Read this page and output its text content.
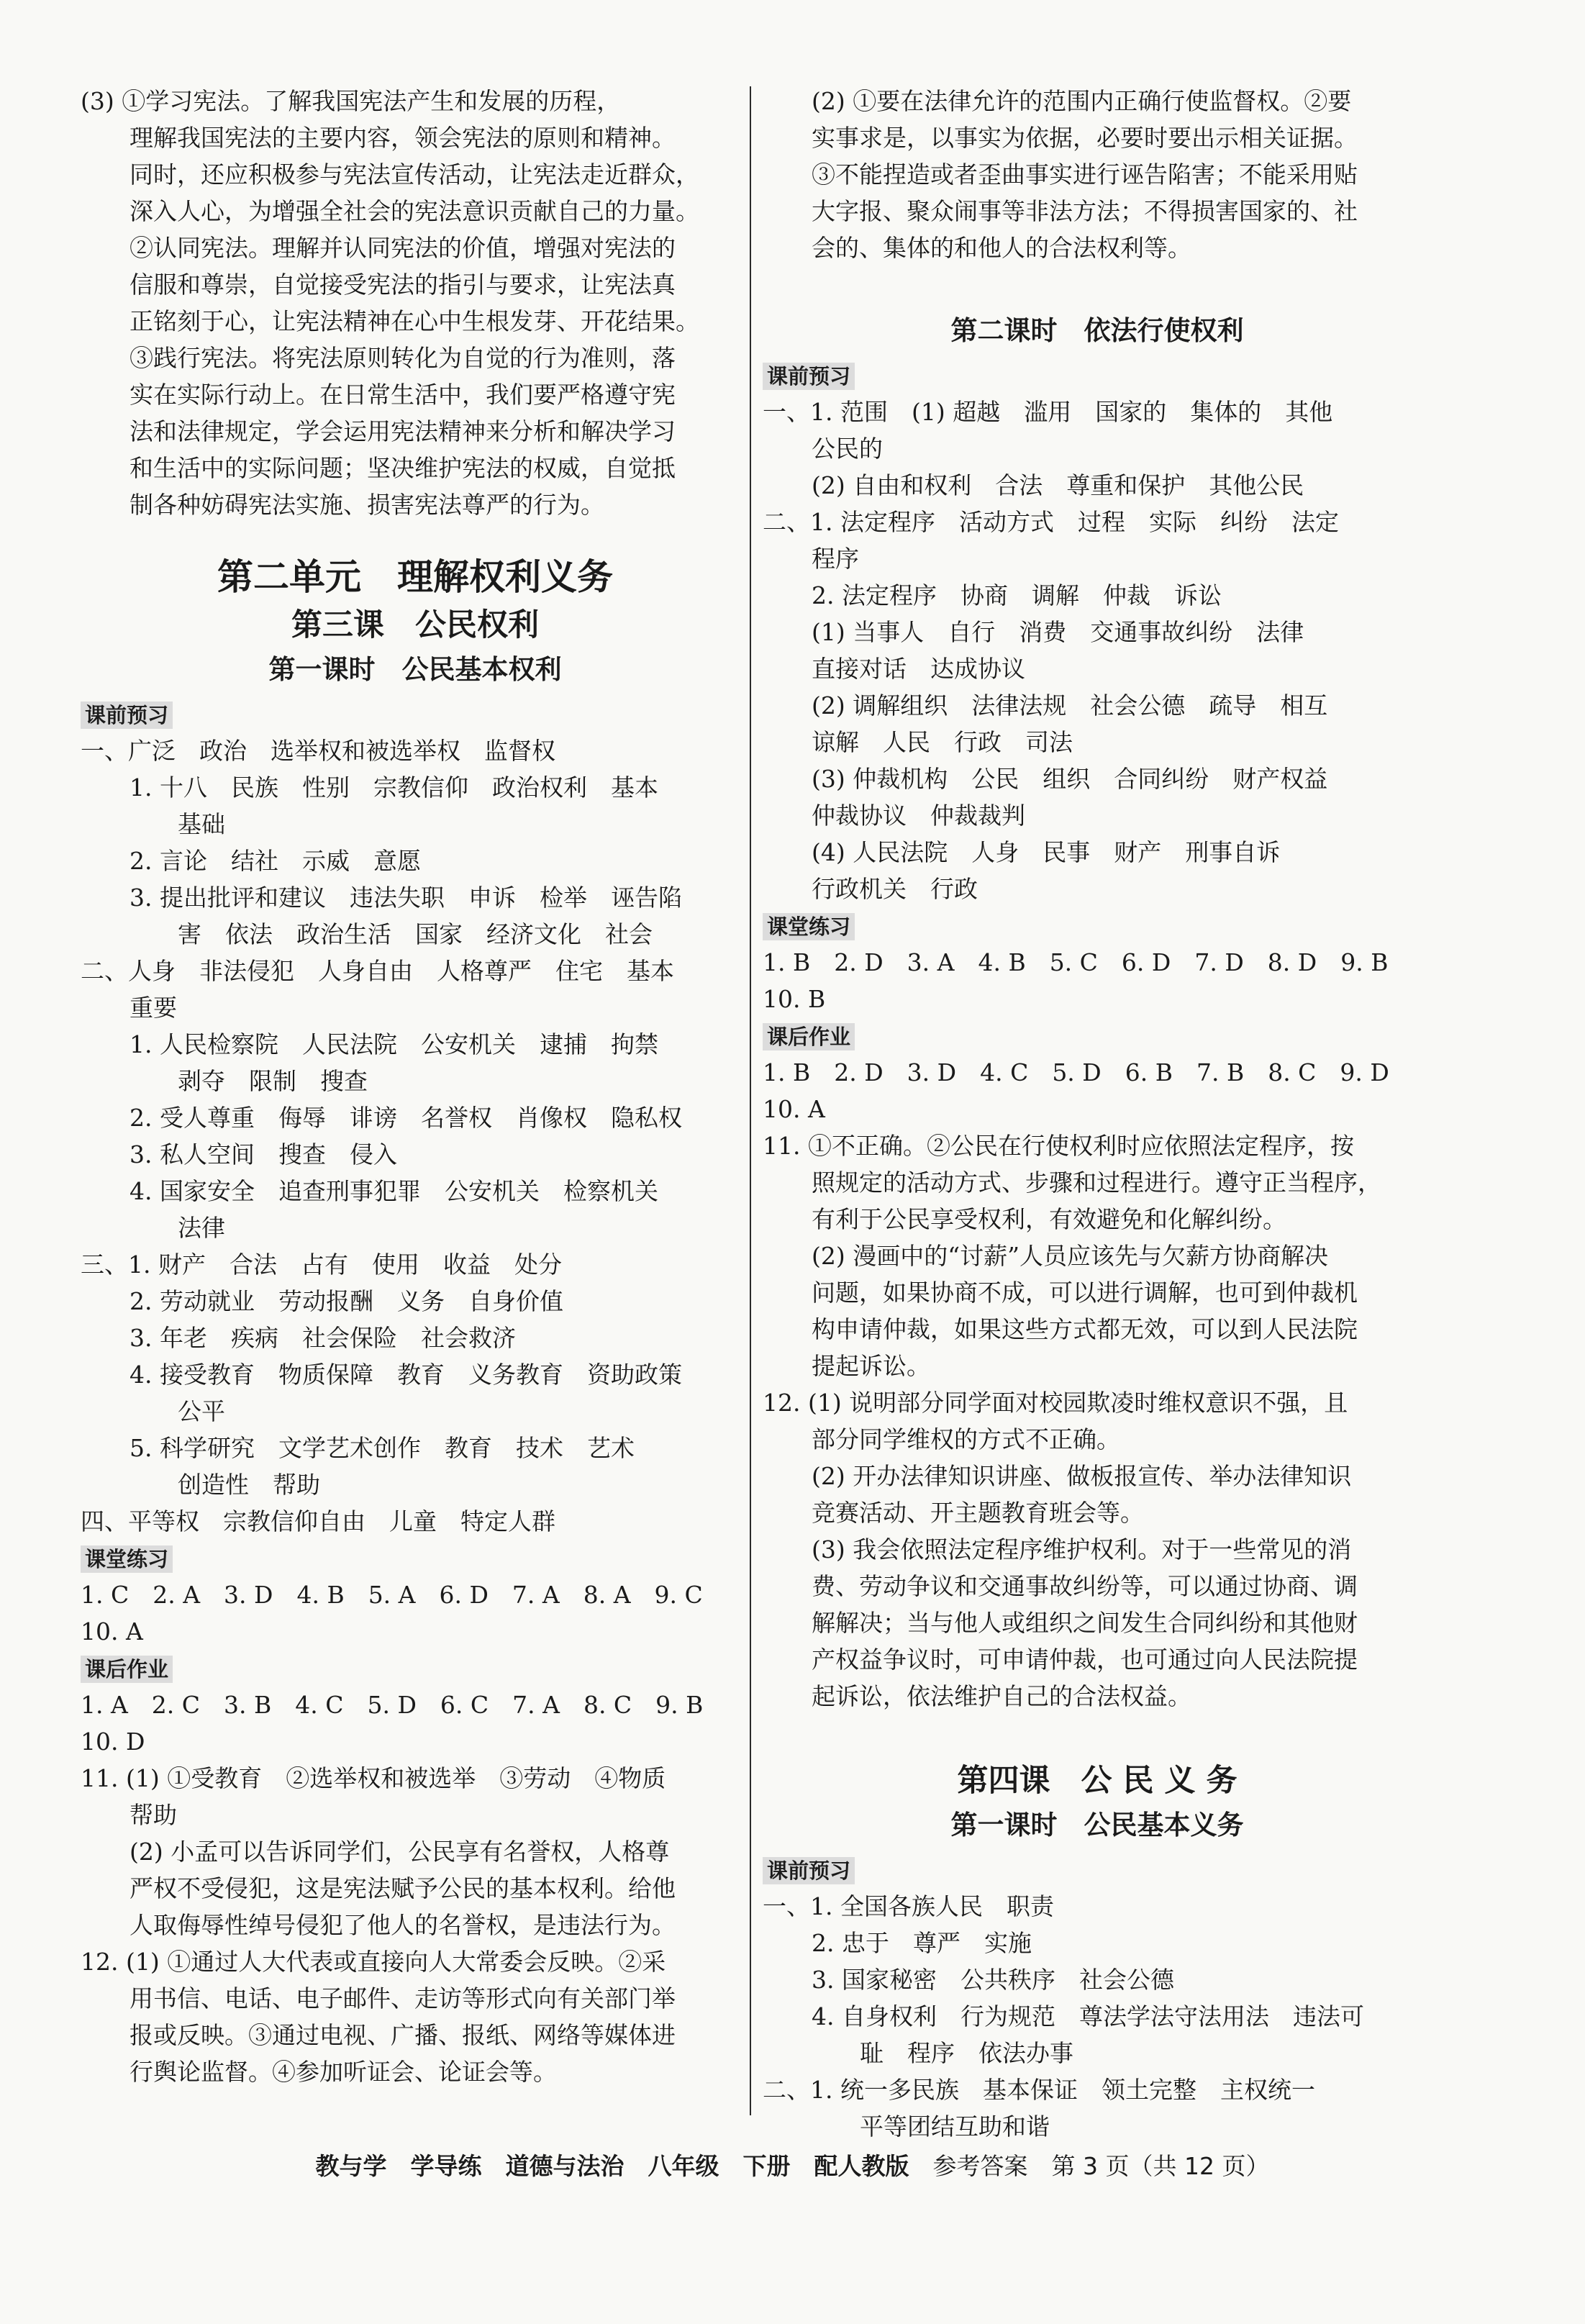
(3) ①学习宪法。了解我国宪法产生和发展的历程，
理解我国宪法的主要内容，领会宪法的原则和精神。
同时，还应积极参与宪法宣传活动，让宪法走近群众，
深入人心，为增强全社会的宪法意识贡献自己的力量。
②认同宪法。理解并认同宪法的价值，增强对宪法的
信服和尊崇，自觉接受宪法的指引与要求，让宪法真
正铭刻于心，让宪法精神在心中生根发芽、开花结果。
③践行宪法。将宪法原则转化为自觉的行为准则，落
实在实际行动上。在日常生活中，我们要严格遵守宪
法和法律规定，学会运用宪法精神来分析和解决学习
和生活中的实际问题；坚决维护宪法的权威，自觉抵
制各种妨碍宪法实施、损害宪法尊严的行为。
第二单元　理解权利义务
第三课　公民权利
第一课时　公民基本权利
课前预习
一、广泛　政治　选举权和被选举权　监督权
1. 十八　民族　性别　宗教信仰　政治权利　基本
基础
2. 言论　结社　示威　意愿
3. 提出批评和建议　违法失职　申诉　检举　诬告陷
害　依法　政治生活　国家　经济文化　社会
二、人身　非法侵犯　人身自由　人格尊严　住宅　基本
重要
1. 人民检察院　人民法院　公安机关　逮捕　拘禁
剥夺　限制　搜查
2. 受人尊重　侮辱　诽谤　名誉权　肖像权　隐私权
3. 私人空间　搜查　侵入
4. 国家安全　追查刑事犯罪　公安机关　检察机关
法律
三、1. 财产　合法　占有　使用　收益　处分
2. 劳动就业　劳动报酬　义务　自身价值
3. 年老　疾病　社会保险　社会救济
4. 接受教育　物质保障　教育　义务教育　资助政策
公平
5. 科学研究　文学艺术创作　教育　技术　艺术
创造性　帮助
四、平等权　宗教信仰自由　儿童　特定人群
课堂练习
1. C　2. A　3. D　4. B　5. A　6. D　7. A　8. A　9. C
10. A
课后作业
1. A　2. C　3. B　4. C　5. D　6. C　7. A　8. C　9. B
10. D
11. (1) ①受教育　②选举权和被选举　③劳动　④物质
帮助
(2) 小孟可以告诉同学们，公民享有名誉权，人格尊
严权不受侵犯，这是宪法赋予公民的基本权利。给他
人取侮辱性绰号侵犯了他人的名誉权，是违法行为。
12. (1) ①通过人大代表或直接向人大常委会反映。②采
用书信、电话、电子邮件、走访等形式向有关部门举
报或反映。③通过电视、广播、报纸、网络等媒体进
行舆论监督。④参加听证会、论证会等。
(2) ①要在法律允许的范围内正确行使监督权。②要
实事求是，以事实为依据，必要时要出示相关证据。
③不能捏造或者歪曲事实进行诬告陷害；不能采用贴
大字报、聚众闹事等非法方法；不得损害国家的、社
会的、集体的和他人的合法权利等。
第二课时　依法行使权利
课前预习
一、1. 范围　(1) 超越　滥用　国家的　集体的　其他
公民的
(2) 自由和权利　合法　尊重和保护　其他公民
二、1. 法定程序　活动方式　过程　实际　纠纷　法定
程序
2. 法定程序　协商　调解　仲裁　诉讼
(1) 当事人　自行　消费　交通事故纠纷　法律
直接对话　达成协议
(2) 调解组织　法律法规　社会公德　疏导　相互
谅解　人民　行政　司法
(3) 仲裁机构　公民　组织　合同纠纷　财产权益
仲裁协议　仲裁裁判
(4) 人民法院　人身　民事　财产　刑事自诉
行政机关　行政
课堂练习
1. B　2. D　3. A　4. B　5. C　6. D　7. D　8. D　9. B
10. B
课后作业
1. B　2. D　3. D　4. C　5. D　6. B　7. B　8. C　9. D
10. A
11. ①不正确。②公民在行使权利时应依照法定程序，按
照规定的活动方式、步骤和过程进行。遵守正当程序，
有利于公民享受权利，有效避免和化解纠纷。
(2) 漫画中的“讨薪”人员应该先与欠薪方协商解决
问题，如果协商不成，可以进行调解，也可到仲裁机
构申请仲裁，如果这些方式都无效，可以到人民法院
提起诉讼。
12. (1) 说明部分同学面对校园欺凌时维权意识不强，且
部分同学维权的方式不正确。
(2) 开办法律知识讲座、做板报宣传、举办法律知识
竞赛活动、开主题教育班会等。
(3) 我会依照法定程序维护权利。对于一些常见的消
费、劳动争议和交通事故纠纷等，可以通过协商、调
解解决；当与他人或组织之间发生合同纠纷和其他财
产权益争议时，可申请仲裁，也可通过向人民法院提
起诉讼，依法维护自己的合法权益。
第四课　公 民 义 务
第一课时　公民基本义务
课前预习
一、1. 全国各族人民　职责
2. 忠于　尊严　实施
3. 国家秘密　公共秩序　社会公德
4. 自身权利　行为规范　尊法学法守法用法　违法可
耻　程序　依法办事
二、1. 统一多民族　基本保证　领土完整　主权统一
平等团结互助和谐
教与学　学导练　道德与法治　八年级　下册　配人教版　 参考答案　 第 3 页（共 12 页）
